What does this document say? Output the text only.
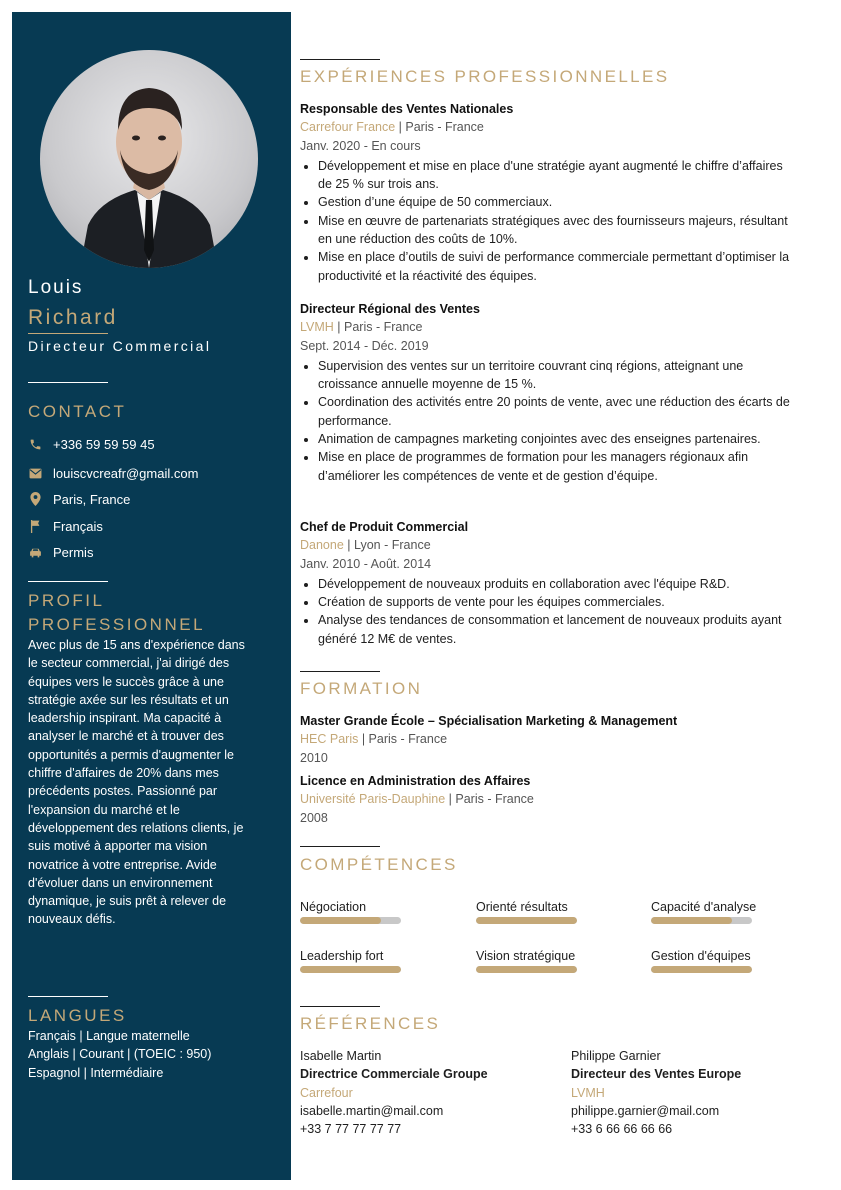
Louis
Richard
Directeur Commercial
CONTACT
+336 59 59 59 45
louiscvcreafr@gmail.com
Paris, France
Français
Permis
PROFIL
PROFESSIONNEL
Avec plus de 15 ans d'expérience dans le secteur commercial, j'ai dirigé des équipes vers le succès grâce à une stratégie axée sur les résultats et un leadership inspirant. Ma capacité à analyser le marché et à trouver des opportunités a permis d'augmenter le chiffre d'affaires de 20% dans mes précédents postes. Passionné par l'expansion du marché et le développement des relations clients, je suis motivé à apporter ma vision novatrice à votre entreprise. Avide d'évoluer dans un environnement dynamique, je suis prêt à relever de nouveaux défis.
LANGUES
Français | Langue maternelle
Anglais | Courant | (TOEIC : 950)
Espagnol | Intermédiaire
EXPÉRIENCES PROFESSIONNELLES
Responsable des Ventes Nationales
Carrefour France | Paris - France
Janv. 2020 - En cours
• Développement et mise en place d'une stratégie ayant augmenté le chiffre d’affaires de 25 % sur trois ans.
• Gestion d’une équipe de 50 commerciaux.
• Mise en œuvre de partenariats stratégiques avec des fournisseurs majeurs, résultant en une réduction des coûts de 10%.
• Mise en place d’outils de suivi de performance commerciale permettant d’optimiser la productivité et la réactivité des équipes.
Directeur Régional des Ventes
LVMH | Paris - France
Sept. 2014 - Déc. 2019
• Supervision des ventes sur un territoire couvrant cinq régions, atteignant une croissance annuelle moyenne de 15 %.
• Coordination des activités entre 20 points de vente, avec une réduction des écarts de performance.
• Animation de campagnes marketing conjointes avec des enseignes partenaires.
• Mise en place de programmes de formation pour les managers régionaux afin d’améliorer les compétences de vente et de gestion d’équipe.
Chef de Produit Commercial
Danone | Lyon - France
Janv. 2010 - Août. 2014
• Développement de nouveaux produits en collaboration avec l'équipe R&D.
• Création de supports de vente pour les équipes commerciales.
• Analyse des tendances de consommation et lancement de nouveaux produits ayant généré 12 M€ de ventes.
FORMATION
Master Grande École – Spécialisation Marketing & Management
HEC Paris | Paris - France
2010
Licence en Administration des Affaires
Université Paris-Dauphine | Paris - France
2008
COMPÉTENCES
Négociation	Orienté résultats	Capacité d'analyse
Leadership fort	Vision stratégique	Gestion d'équipes
RÉFÉRENCES
Isabelle Martin
Directrice Commerciale Groupe
Carrefour
isabelle.martin@mail.com
+33 7 77 77 77 77
Philippe Garnier
Directeur des Ventes Europe
LVMH
philippe.garnier@mail.com
+33 6 66 66 66 66
